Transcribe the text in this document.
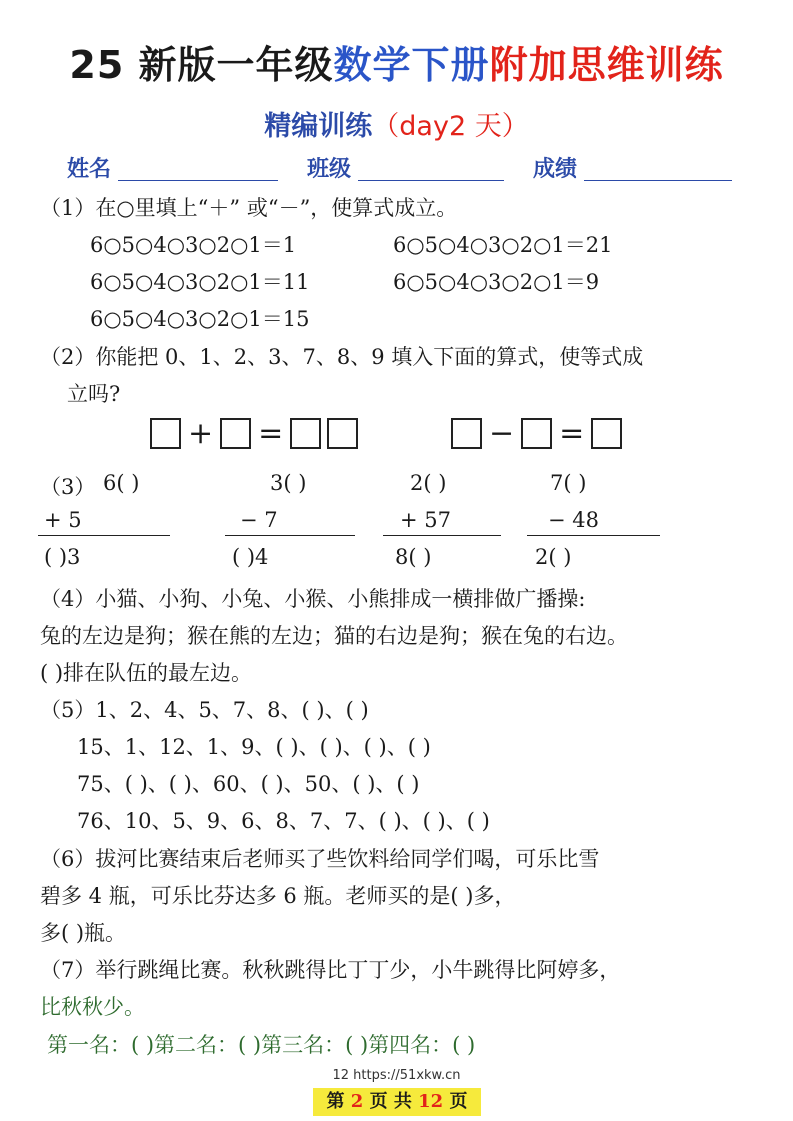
25 新版一年级数学下册附加思维训练
精编训练（day2 天）
姓名	班级	成绩
（1）在○里填上“＋” 或“－”，使算式成立。
6○5○4○3○2○1＝1	6○5○4○3○2○1＝21
6○5○4○3○2○1＝11	6○5○4○3○2○1＝9
6○5○4○3○2○1＝15
（2）你能把 0、1、2、3、7、8、9 填入下面的算式，使等式成
立吗?
+ =	− =
（3） 6( )
+ 5
( )3
3( )
− 7
( )4
2( )
+ 57
8( )
7( )
− 48
2( )
（4）小猫、小狗、小兔、小猴、小熊排成一横排做广播操:
兔的左边是狗；猴在熊的左边；猫的右边是狗；猴在兔的右边。
( )排在队伍的最左边。
（5）1、2、4、5、7、8、( )、( )
15、1、12、1、9、( )、( )、( )、( )
75、( )、( )、60、( )、50、( )、( )
76、10、5、9、6、8、7、7、( )、( )、( )
（6）拔河比赛结束后老师买了些饮料给同学们喝，可乐比雪
碧多 4 瓶，可乐比芬达多 6 瓶。老师买的是( )多，
多( )瓶。
（7）举行跳绳比赛。秋秋跳得比丁丁少，小牛跳得比阿婷多，
比秋秋少。
第一名：( )第二名：( )第三名：( )第四名：( )
12 https://51xkw.cn
第 2 页 共 12 页
